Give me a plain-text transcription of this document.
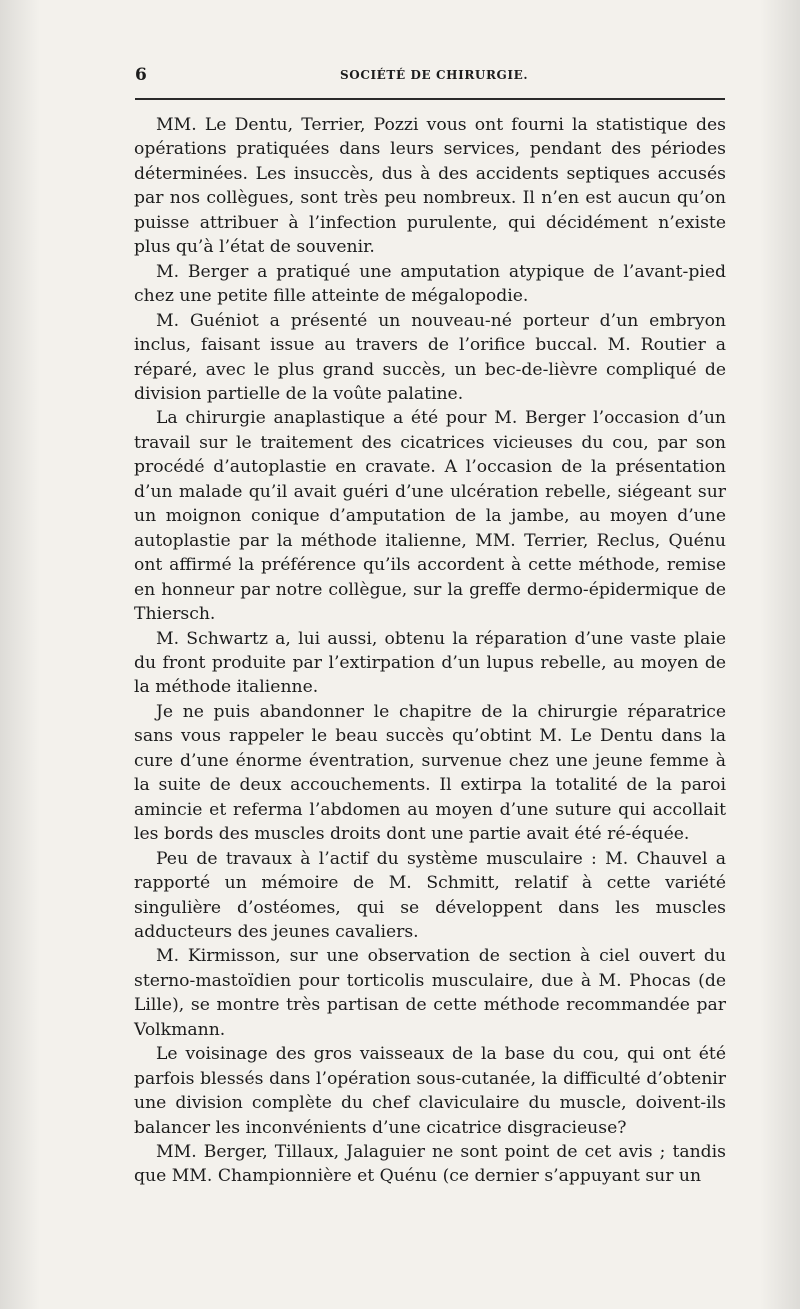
6	SOCIÉTÉ DE CHIRURGIE.

MM. Le Dentu, Terrier, Pozzi vous ont fourni la statistique des opérations pratiquées dans leurs services, pendant des périodes déterminées. Les insuccès, dus à des accidents septiques accusés par nos collègues, sont très peu nombreux. Il n’en est aucun qu’on puisse attribuer à l’infection purulente, qui décidément n’existe plus qu’à l’état de souvenir.

M. Berger a pratiqué une amputation atypique de l’avant-pied chez une petite fille atteinte de mégalopodie.

M. Guéniot a présenté un nouveau-né porteur d’un embryon inclus, faisant issue au travers de l’orifice buccal. M. Routier a réparé, avec le plus grand succès, un bec-de-lièvre compliqué de division partielle de la voûte palatine.

La chirurgie anaplastique a été pour M. Berger l’occasion d’un travail sur le traitement des cicatrices vicieuses du cou, par son procédé d’autoplastie en cravate. A l’occasion de la présentation d’un malade qu’il avait guéri d’une ulcération rebelle, siégeant sur un moignon conique d’amputation de la jambe, au moyen d’une autoplastie par la méthode italienne, MM. Terrier, Reclus, Quénu ont affirmé la préférence qu’ils accordent à cette méthode, remise en honneur par notre collègue, sur la greffe dermo-épidermique de Thiersch.

M. Schwartz a, lui aussi, obtenu la réparation d’une vaste plaie du front produite par l’extirpation d’un lupus rebelle, au moyen de la méthode italienne.

Je ne puis abandonner le chapitre de la chirurgie réparatrice sans vous rappeler le beau succès qu’obtint M. Le Dentu dans la cure d’une énorme éventration, survenue chez une jeune femme à la suite de deux accouchements. Il extirpa la totalité de la paroi amincie et referma l’abdomen au moyen d’une suture qui accollait les bords des muscles droits dont une partie avait été ré-équée.

Peu de travaux à l’actif du système musculaire : M. Chauvel a rapporté un mémoire de M. Schmitt, relatif à cette variété singulière d’ostéomes, qui se développent dans les muscles adducteurs des jeunes cavaliers.

M. Kirmisson, sur une observation de section à ciel ouvert du sterno-mastoïdien pour torticolis musculaire, due à M. Phocas (de Lille), se montre très partisan de cette méthode recommandée par Volkmann.

Le voisinage des gros vaisseaux de la base du cou, qui ont été parfois blessés dans l’opération sous-cutanée, la difficulté d’obtenir une division complète du chef claviculaire du muscle, doivent-ils balancer les inconvénients d’une cicatrice disgracieuse?

MM. Berger, Tillaux, Jalaguier ne sont point de cet avis ; tandis que MM. Championnière et Quénu (ce dernier s’appuyant sur un
